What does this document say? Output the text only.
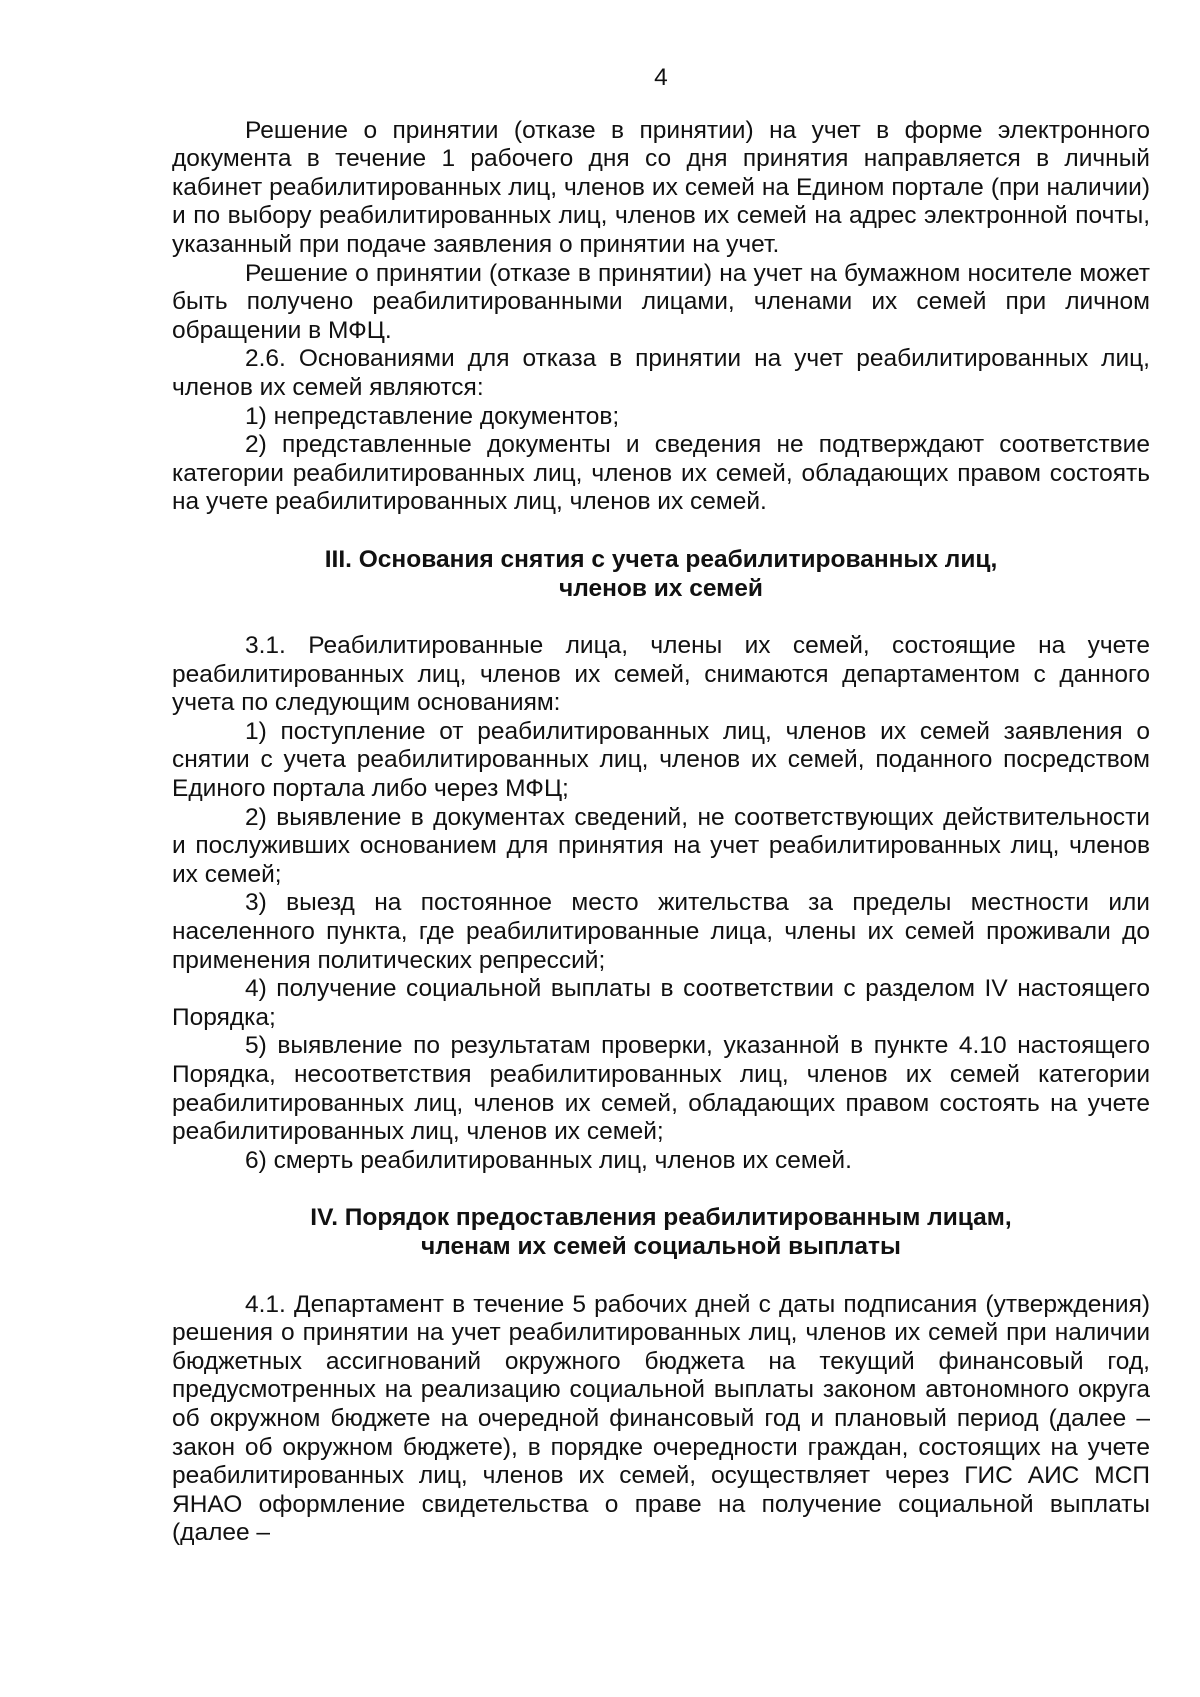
4

Решение о принятии (отказе в принятии) на учет в форме электронного документа в течение 1 рабочего дня со дня принятия направляется в личный кабинет реабилитированных лиц, членов их семей на Едином портале (при наличии) и по выбору реабилитированных лиц, членов их семей на адрес электронной почты, указанный при подаче заявления о принятии на учет.

Решение о принятии (отказе в принятии) на учет на бумажном носителе может быть получено реабилитированными лицами, членами их семей при личном обращении в МФЦ.

2.6. Основаниями для отказа в принятии на учет реабилитированных лиц, членов их семей являются:

1) непредставление документов;

2) представленные документы и сведения не подтверждают соответствие категории реабилитированных лиц, членов их семей, обладающих правом состоять на учете реабилитированных лиц, членов их семей.

III. Основания снятия с учета реабилитированных лиц,
членов их семей

3.1. Реабилитированные лица, члены их семей, состоящие на учете реабилитированных лиц, членов их семей, снимаются департаментом с данного учета по следующим основаниям:

1) поступление от реабилитированных лиц, членов их семей заявления о снятии с учета реабилитированных лиц, членов их семей, поданного посредством Единого портала либо через МФЦ;

2) выявление в документах сведений, не соответствующих действительности и послуживших основанием для принятия на учет реабилитированных лиц, членов их семей;

3) выезд на постоянное место жительства за пределы местности или населенного пункта, где реабилитированные лица, члены их семей проживали до применения политических репрессий;

4) получение социальной выплаты в соответствии с разделом IV настоящего Порядка;

5) выявление по результатам проверки, указанной в пункте 4.10 настоящего Порядка, несоответствия реабилитированных лиц, членов их семей категории реабилитированных лиц, членов их семей, обладающих правом состоять на учете реабилитированных лиц, членов их семей;

6) смерть реабилитированных лиц, членов их семей.

IV. Порядок предоставления реабилитированным лицам,
членам их семей социальной выплаты

4.1. Департамент в течение 5 рабочих дней с даты подписания (утверждения) решения о принятии на учет реабилитированных лиц, членов их семей при наличии бюджетных ассигнований окружного бюджета на текущий финансовый год, предусмотренных на реализацию социальной выплаты законом автономного округа об окружном бюджете на очередной финансовый год и плановый период (далее – закон об окружном бюджете), в порядке очередности граждан, состоящих на учете реабилитированных лиц, членов их семей, осуществляет через ГИС АИС МСП ЯНАО оформление свидетельства о праве на получение социальной выплаты (далее –
